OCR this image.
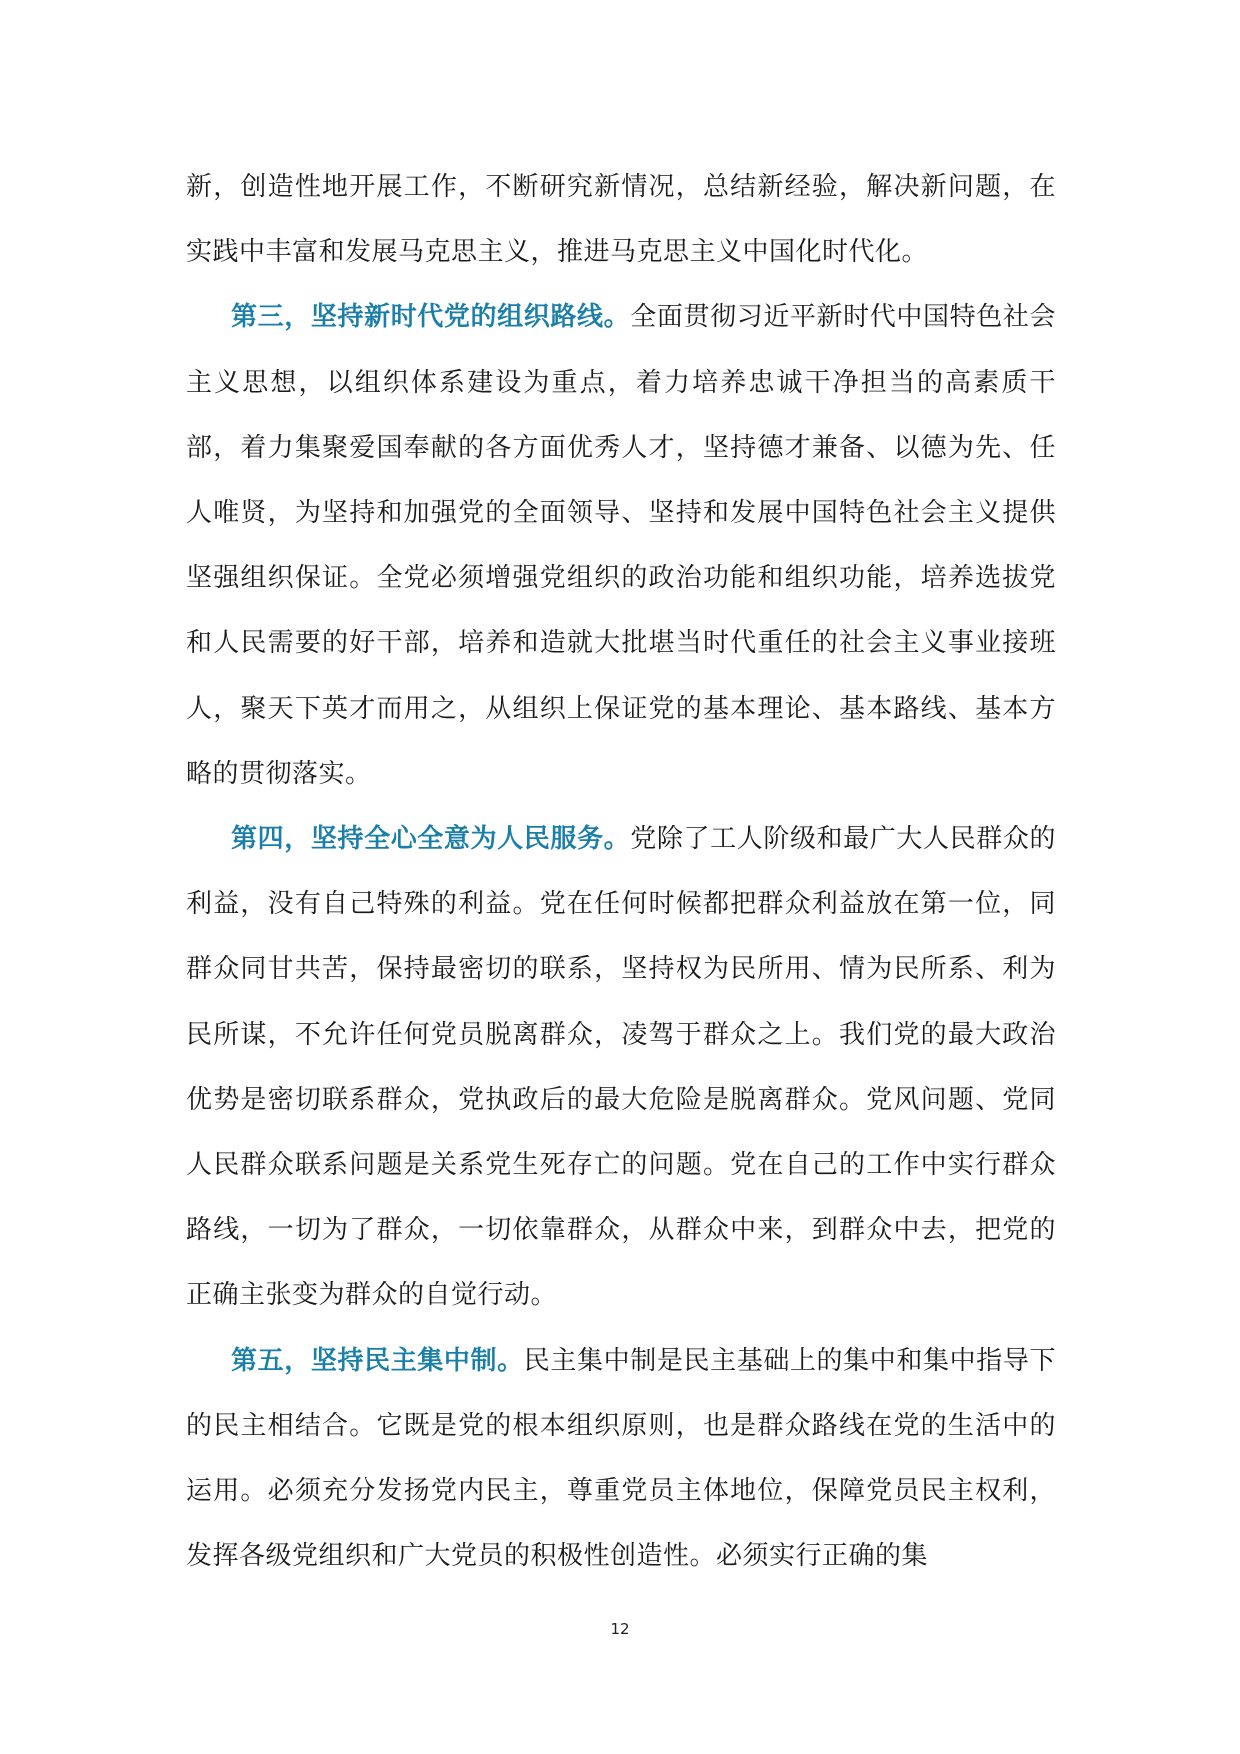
新，创造性地开展工作，不断研究新情况，总结新经验，解决新问题，在实践中丰富和发展马克思主义，推进马克思主义中国化时代化。

第三，坚持新时代党的组织路线。全面贯彻习近平新时代中国特色社会主义思想，以组织体系建设为重点，着力培养忠诚干净担当的高素质干部，着力集聚爱国奉献的各方面优秀人才，坚持德才兼备、以德为先、任人唯贤，为坚持和加强党的全面领导、坚持和发展中国特色社会主义提供坚强组织保证。全党必须增强党组织的政治功能和组织功能，培养选拔党和人民需要的好干部，培养和造就大批堪当时代重任的社会主义事业接班人，聚天下英才而用之，从组织上保证党的基本理论、基本路线、基本方略的贯彻落实。

第四，坚持全心全意为人民服务。党除了工人阶级和最广大人民群众的利益，没有自己特殊的利益。党在任何时候都把群众利益放在第一位，同群众同甘共苦，保持最密切的联系，坚持权为民所用、情为民所系、利为民所谋，不允许任何党员脱离群众，凌驾于群众之上。我们党的最大政治优势是密切联系群众，党执政后的最大危险是脱离群众。党风问题、党同人民群众联系问题是关系党生死存亡的问题。党在自己的工作中实行群众路线，一切为了群众，一切依靠群众，从群众中来，到群众中去，把党的正确主张变为群众的自觉行动。

第五，坚持民主集中制。民主集中制是民主基础上的集中和集中指导下的民主相结合。它既是党的根本组织原则，也是群众路线在党的生活中的运用。必须充分发扬党内民主，尊重党员主体地位，保障党员民主权利，发挥各级党组织和广大党员的积极性创造性。必须实行正确的集

12
